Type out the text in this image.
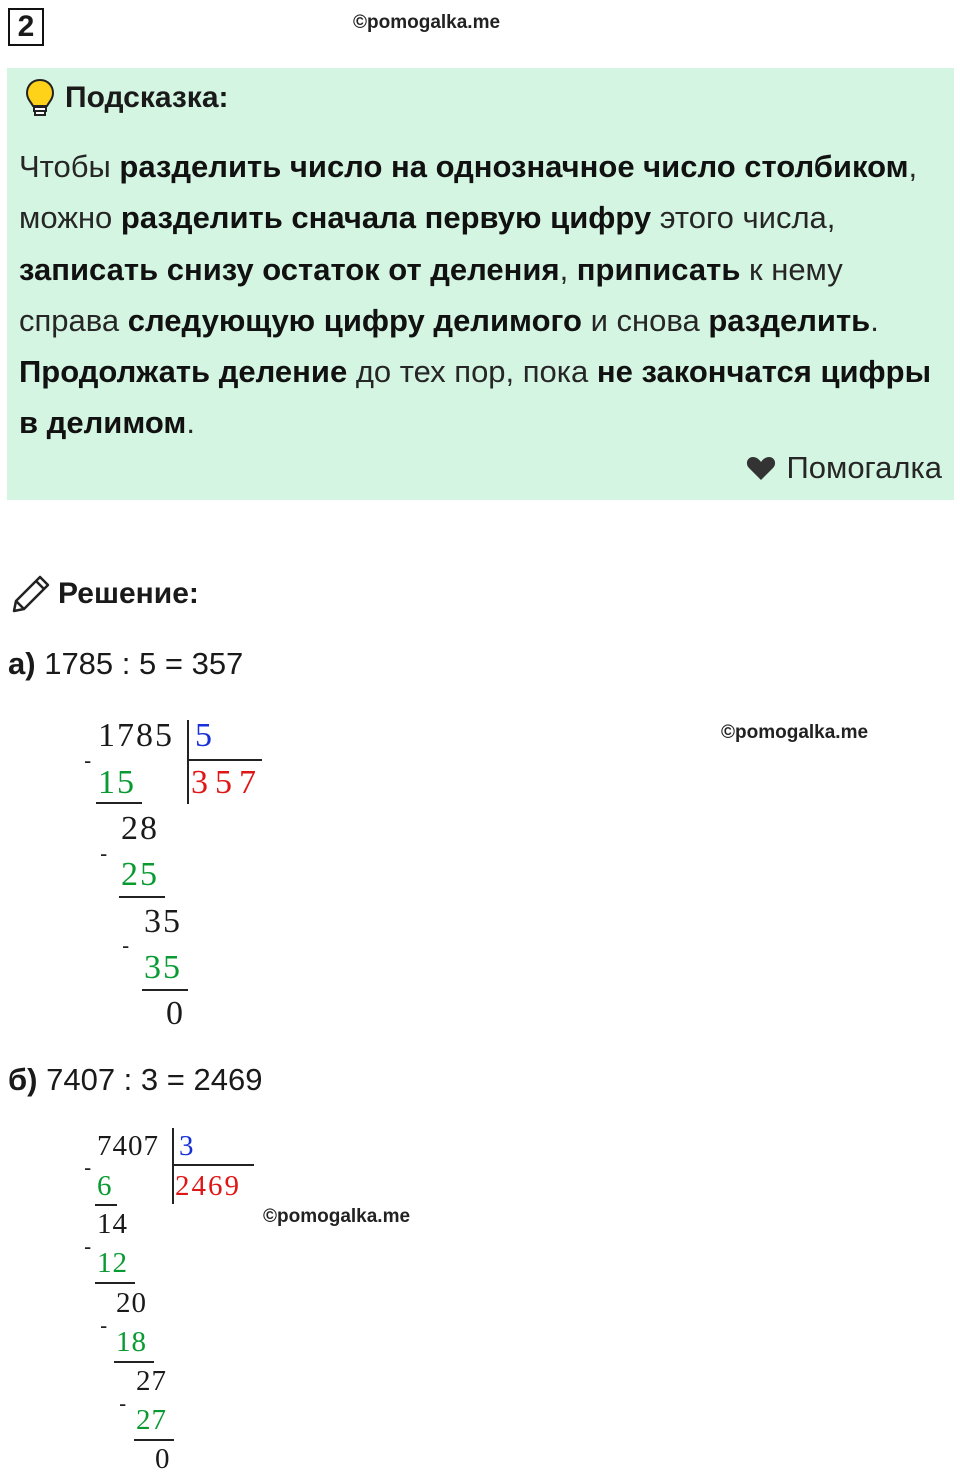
2	©pomogalka.me
Подсказка:
Чтобы разделить число на однозначное число столбиком, можно разделить сначала первую цифру этого числа, записать снизу остаток от деления, приписать к нему справа следующую цифру делимого и снова разделить. Продолжать деление до тех пор, пока не закончатся цифры в делимом.
Помогалка
Решение:
а) 1785 : 5 = 357
1785 5
357
-
15
28
-
25
35
-
35
0
©pomogalka.me
б) 7407 : 3 = 2469
7407 3
2469
-
6
14
-
12
20
-
18
27
-
27
0
©pomogalka.me
